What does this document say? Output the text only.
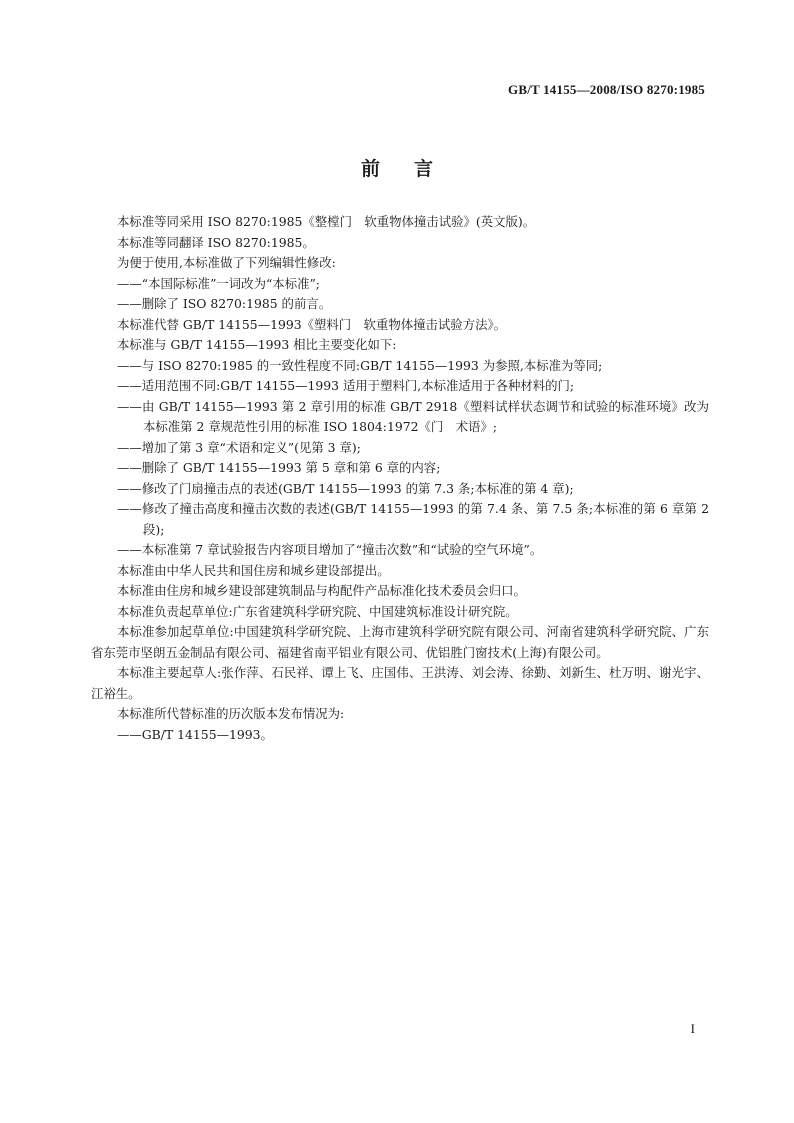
GB/T 14155—2008/ISO 8270:1985
前言

本标准等同采用 ISO 8270:1985《整樘门　软重物体撞击试验》(英文版)。

本标准等同翻译 ISO 8270:1985。

为便于使用,本标准做了下列编辑性修改:

——“本国际标准”一词改为“本标准”;

——删除了 ISO 8270:1985 的前言。

本标准代替 GB/T 14155—1993《塑料门　软重物体撞击试验方法》。

本标准与 GB/T 14155—1993 相比主要变化如下:

——与 ISO 8270:1985 的一致性程度不同:GB/T 14155—1993 为参照,本标准为等同;

——适用范围不同:GB/T 14155—1993 适用于塑料门,本标准适用于各种材料的门;

——由 GB/T 14155—1993 第 2 章引用的标准 GB/T 2918《塑料试样状态调节和试验的标准环境》改为本标准第 2 章规范性引用的标准 ISO 1804:1972《门　术语》;

——增加了第 3 章“术语和定义”(见第 3 章);

——删除了 GB/T 14155—1993 第 5 章和第 6 章的内容;

——修改了门扇撞击点的表述(GB/T 14155—1993 的第 7.3 条;本标准的第 4 章);

——修改了撞击高度和撞击次数的表述(GB/T 14155—1993 的第 7.4 条、第 7.5 条;本标准的第 6 章第 2 段);

——本标准第 7 章试验报告内容项目增加了“撞击次数”和“试验的空气环境”。

本标准由中华人民共和国住房和城乡建设部提出。

本标准由住房和城乡建设部建筑制品与构配件产品标准化技术委员会归口。

本标准负责起草单位:广东省建筑科学研究院、中国建筑标准设计研究院。

本标准参加起草单位:中国建筑科学研究院、上海市建筑科学研究院有限公司、河南省建筑科学研究院、广东省东莞市坚朗五金制品有限公司、福建省南平铝业有限公司、优铝胜门窗技术(上海)有限公司。

本标准主要起草人:张作萍、石民祥、谭上飞、庄国伟、王洪涛、刘会涛、徐勤、刘新生、杜万明、谢光宇、江裕生。

本标准所代替标准的历次版本发布情况为:

——GB/T 14155—1993。

I
